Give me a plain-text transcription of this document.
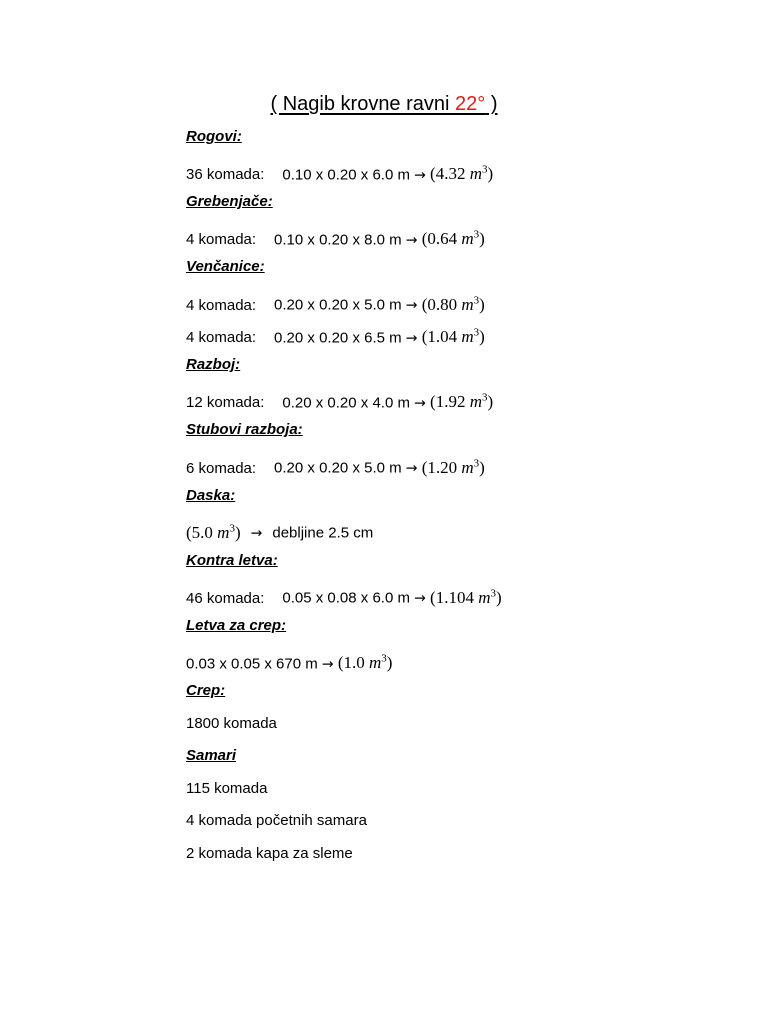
( Nagib krovne ravni 22° )
Rogovi:
36 komada: 0.10 x 0.20 x 6.0 m → (4.32 $m^3$)
Grebenjače:
4 komada: 0.10 x 0.20 x 8.0 m → (0.64 $m^3$)
Venčanice:
4 komada: 0.20 x 0.20 x 5.0 m → (0.80 $m^3$)
4 komada: 0.20 x 0.20 x 6.5 m → (1.04 $m^3$)
Razboj:
12 komada: 0.20 x 0.20 x 4.0 m → (1.92 $m^3$)
Stubovi razboja:
6 komada: 0.20 x 0.20 x 5.0 m → (1.20 $m^3$)
Daska:
(5.0 $m^3$) → debljine 2.5 cm
Kontra letva:
46 komada: 0.05 x 0.08 x 6.0 m → (1.104 $m^3$)
Letva za crep:
0.03 x 0.05 x 670 m → (1.0 $m^3$)
Crep:
1800 komada
Samari
115 komada
4 komada početnih samara
2 komada kapa za sleme
